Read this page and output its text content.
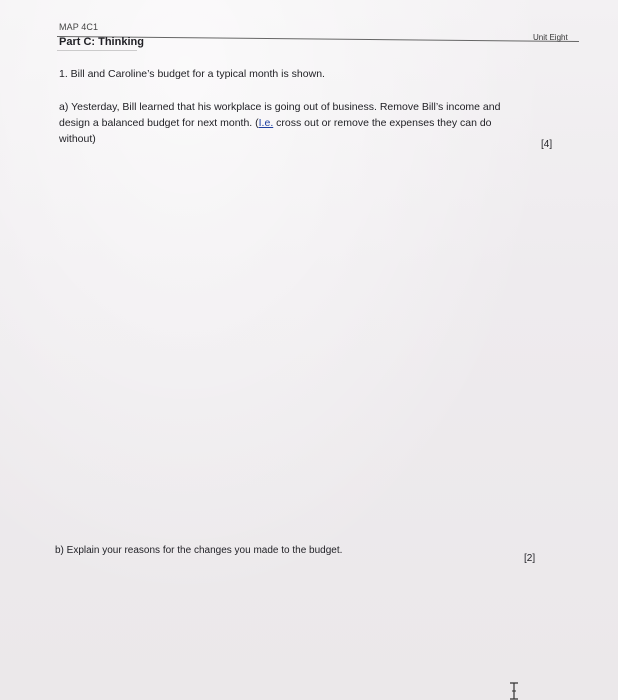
MAP 4C1
Part C: Thinking	Unit Eight
1. Bill and Caroline’s budget for a typical month is shown.
a) Yesterday, Bill learned that his workplace is going out of business. Remove Bill’s income and
design a balanced budget for next month. (I.e. cross out or remove the expenses they can do
without)	[4]
b) Explain your reasons for the changes you made to the budget.
[2]
